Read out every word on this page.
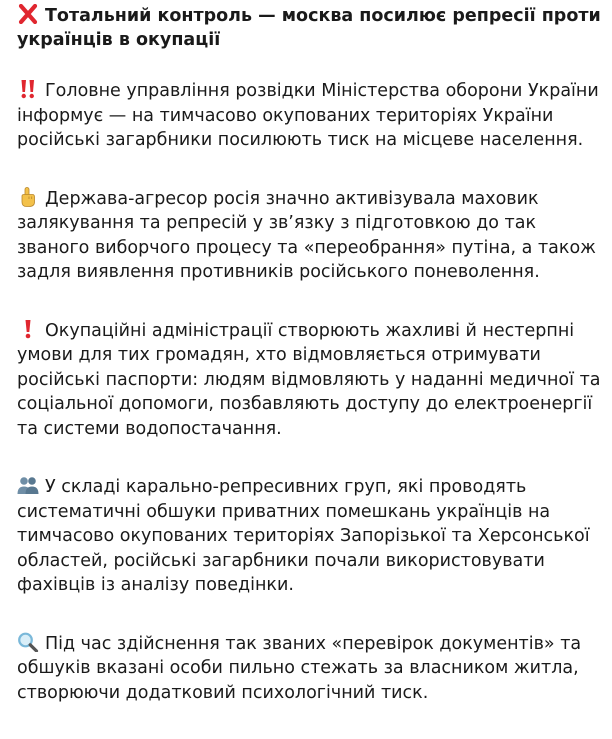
Тотальний контроль — москва посилює репресії проти українців в окупації

Головне управління розвідки Міністерства оборони України інформує — на тимчасово окупованих територіях України російські загарбники посилюють тиск на місцеве населення.

Держава-агресор росія значно активізувала маховик залякування та репресій у зв’язку з підготовкою до так званого виборчого процесу та «переобрання» путіна, а також задля виявлення противників російського поневолення.

Окупаційні адміністрації створюють жахливі й нестерпні умови для тих громадян, хто відмовляється отримувати російські паспорти: людям відмовляють у наданні медичної та соціальної допомоги, позбавляють доступу до електроенергії та системи водопостачання.

У складі карально-репресивних груп, які проводять систематичні обшуки приватних помешкань українців на тимчасово окупованих територіях Запорізької та Херсонської областей, російські загарбники почали використовувати фахівців із аналізу поведінки.

Під час здійснення так званих «перевірок документів» та обшуків вказані особи пильно стежать за власником житла, створюючи додатковий психологічний тиск.
